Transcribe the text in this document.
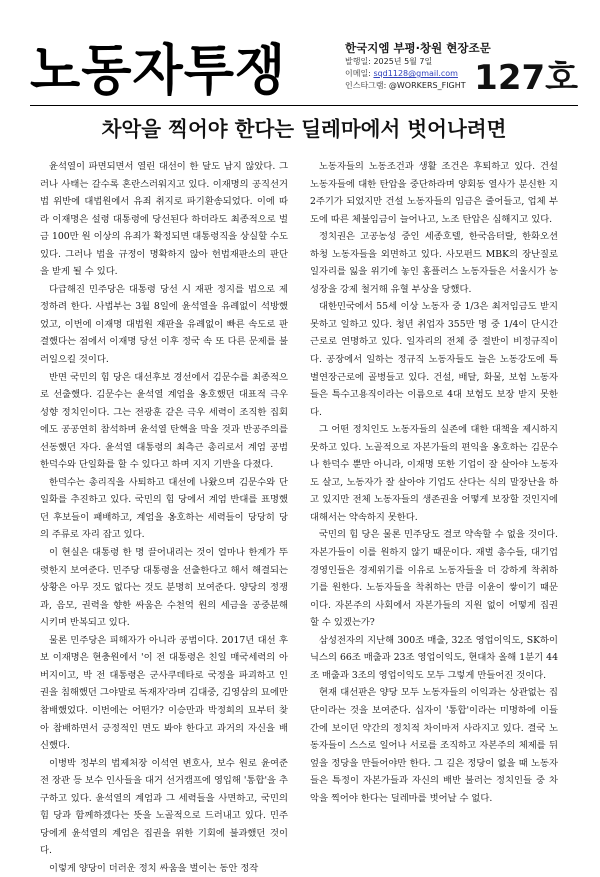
노동자투쟁	한국지엠 부평·창원 현장조문
발행일: 2025년 5월 7일
이메일: sqd1128@gmail.com
인스타그램: @WORKERS_FIGHT 127호
차악을 찍어야 한다는 딜레마에서 벗어나려면

윤석열이 파면되면서 열린 대선이 한 달도 남지 않았다. 그러나 사태는 갈수록 혼란스러워지고 있다. 이재명의 공직선거법 위반에 대법원에서 유죄 취지로 파기환송되었다. 이에 따라 이재명은 설령 대통령에 당선된다 하더라도 최종적으로 벌금 100만 원 이상의 유죄가 확정되면 대통령직을 상실할 수도 있다. 그러나 법을 규정이 명확하지 않아 헌법재판소의 판단을 받게 될 수 있다.

다급해진 민주당은 대통령 당선 시 재판 정지를 법으로 제정하려 한다. 사법부는 3월 8일에 윤석열을 유례없이 석방했었고, 이번에 이재명 대법원 재판을 유례없이 빠른 속도로 판결했다는 점에서 이재명 당선 이후 정국 속 또 다른 문제를 불러일으킬 것이다.

반면 국민의 힘 당은 대선후보 경선에서 김문수를 최종적으로 선출했다. 김문수는 윤석열 계엄을 옹호했던 대표적 극우 성향 정치인이다. 그는 전광훈 같은 극우 세력이 조직한 집회에도 공공연히 참석하며 윤석열 탄핵을 막을 것과 반공주의를 선동했던 자다. 윤석열 대통령의 최측근 총리로서 계엄 공범 한덕수와 단일화를 할 수 있다고 하며 지지 기반을 다졌다.

한덕수는 총리직을 사퇴하고 대선에 나왔으며 김문수와 단일화를 추진하고 있다. 국민의 힘 당에서 계엄 반대를 표명했던 후보들이 패배하고, 계엄을 옹호하는 세력들이 당당히 당의 주류로 자리 잡고 있다.

이 현실은 대통령 한 명 끌어내리는 것이 얼마나 한계가 뚜렷한지 보여준다. 민주당 대통령을 선출한다고 해서 해결되는 상황은 아무 것도 없다는 것도 분명히 보여준다. 양당의 정쟁과, 음모, 권력을 향한 싸움은 수천억 원의 세금을 공중분해 시키며 반복되고 있다.

물론 민주당은 피해자가 아니라 공범이다. 2017년 대선 후보 이재명은 현충원에서 '이 전 대통령은 친일 매국세력의 아버지이고, 박 전 대통령은 군사쿠데타로 국정을 파괴하고 인권을 침해했던 그야말로 독재자'라며 김대중, 김영삼의 묘에만 참배했었다. 이번에는 어떤가? 이승만과 박정희의 묘부터 찾아 참배하면서 긍정적인 면도 봐야 한다고 과거의 자신을 배신했다.

이병박 정부의 법제처장 이석연 변호사, 보수 원로 윤여준 전 장관 등 보수 인사들을 대거 선거캠프에 영입해 '통합'을 추구하고 있다. 윤석열의 계엄과 그 세력들을 사면하고, 국민의 힘 당과 함께하겠다는 뜻을 노골적으로 드러내고 있다. 민주당에게 윤석열의 계엄은 집권을 위한 기회에 불과했던 것이다.

이렇게 양당이 더러운 정치 싸움을 벌이는 동안 정작

노동자들의 노동조건과 생활 조건은 후퇴하고 있다. 건설 노동자들에 대한 탄압을 중단하라며 양회동 열사가 분신한 지 2주기가 되었지만 건설 노동자들의 임금은 줄어들고, 업체 부도에 따른 체불임금이 늘어나고, 노조 탄압은 심해지고 있다.

정치권은 고공농성 중인 세종호텔, 한국음터랄, 한화오션 하청 노동자들을 외면하고 있다. 사모펀드 MBK의 장난질로 일자리를 잃을 위기에 놓인 홈플러스 노동자들은 서울시가 농성장을 강제 철거해 유혈 부상을 당했다.

대한민국에서 55세 이상 노동자 중 1/3은 최저임금도 받지 못하고 일하고 있다. 청년 취업자 355만 명 중 1/4이 단시간 근로로 연명하고 있다. 일자리의 전체 중 절반이 비정규직이다. 공장에서 일하는 정규직 노동자들도 늘은 노동강도에 특별연장근로에 골병들고 있다. 건설, 배달, 화물, 보험 노동자들은 특수고용직이라는 이름으로 4대 보험도 보장 받지 못한다.

그 어떤 정치인도 노동자들의 실존에 대한 대책을 제시하지 못하고 있다. 노골적으로 자본가들의 편익을 옹호하는 김문수나 한덕수 뿐만 아니라, 이재명 또한 기업이 잘 살아야 노동자도 살고, 노동자가 잘 살아야 기업도 산다는 식의 말장난을 하고 있지만 전체 노동자들의 생존권을 어떻게 보장할 것인지에 대해서는 약속하지 못한다.

국민의 힘 당은 물론 민주당도 결코 약속할 수 없을 것이다. 자본가들이 이를 원하지 않기 때문이다. 재벌 총수들, 대기업 경영인들은 경제위기를 이유로 노동자들을 더 강하게 착취하기를 원한다. 노동자들을 착취하는 만큼 이윤이 쌓이기 때문이다. 자본주의 사회에서 자본가들의 지원 없이 어떻게 집권할 수 있겠는가?

삼성전자의 지난해 300조 매출, 32조 영업이익도, SK하이닉스의 66조 매출과 23조 영업이익도, 현대차 올해 1분기 44조 매출과 3조의 영업이익도 모두 그렇게 만들어진 것이다.

현재 대선판은 양당 모두 노동자들의 이익과는 상관없는 집단이라는 것을 보여준다. 십자이 '통합'이라는 미명하에 이들 간에 보이던 약간의 정치적 차이마저 사라지고 있다. 결국 노동자들이 스스로 일어나 서로를 조직하고 자본주의 체제를 뒤엎을 정당을 만들어야만 한다. 그 길은 정당이 없을 때 노동자들은 특정이 자본가들과 자신의 배반 불러는 정치인들 중 차악을 찍어야 한다는 딜레마를 벗어날 수 없다.
